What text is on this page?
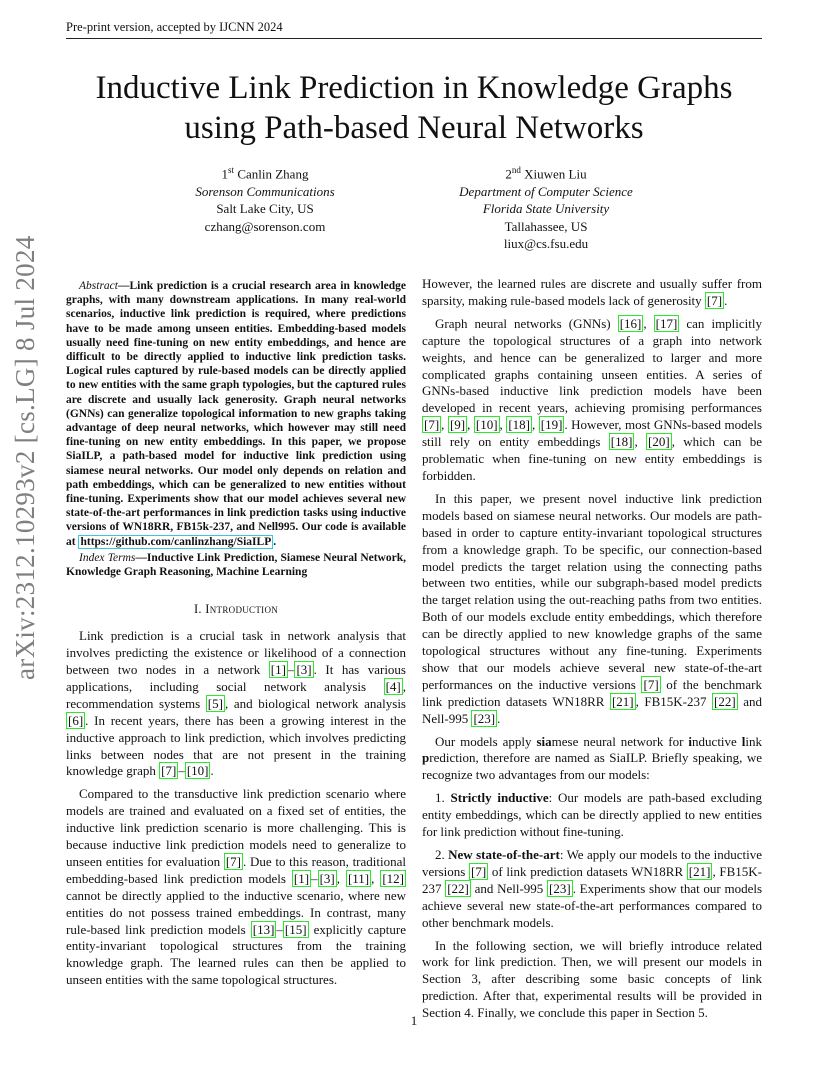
Pre-print version, accepted by IJCNN 2024
arXiv:2312.10293v2 [cs.LG] 8 Jul 2024
Inductive Link Prediction in Knowledge Graphs
using Path-based Neural Networks
1st Canlin Zhang
Sorenson Communications
Salt Lake City, US
czhang@sorenson.com
2nd Xiuwen Liu
Department of Computer Science
Florida State University
Tallahassee, US
liux@cs.fsu.edu

Abstract—Link prediction is a crucial research area in knowledge graphs, with many downstream applications. In many real-world scenarios, inductive link prediction is required, where predictions have to be made among unseen entities. Embedding-based models usually need fine-tuning on new entity embeddings, and hence are difficult to be directly applied to inductive link prediction tasks. Logical rules captured by rule-based models can be directly applied to new entities with the same graph typologies, but the captured rules are discrete and usually lack generosity. Graph neural networks (GNNs) can generalize topological information to new graphs taking advantage of deep neural networks, which however may still need fine-tuning on new entity embeddings. In this paper, we propose SiaILP, a path-based model for inductive link prediction using siamese neural networks. Our model only depends on relation and path embeddings, which can be generalized to new entities without fine-tuning. Experiments show that our model achieves several new state-of-the-art performances in link prediction tasks using inductive versions of WN18RR, FB15k-237, and Nell995. Our code is available at https://github.com/canlinzhang/SiaILP .

Index Terms—Inductive Link Prediction, Siamese Neural Network, Knowledge Graph Reasoning, Machine Learning

I. Introduction

Link prediction is a crucial task in network analysis that involves predicting the existence or likelihood of a connection between two nodes in a network [1] – [3] . It has various applications, including social network analysis [4] , recommendation systems [5] , and biological network analysis [6] . In recent years, there has been a growing interest in the inductive approach to link prediction, which involves predicting links between nodes that are not present in the training knowledge graph [7] – [10] .

Compared to the transductive link prediction scenario where models are trained and evaluated on a fixed set of entities, the inductive link prediction scenario is more challenging. This is because inductive link prediction models need to generalize to unseen entities for evaluation [7] . Due to this reason, traditional embedding-based link prediction models [1] – [3] , [11] , [12] cannot be directly applied to the inductive scenario, where new entities do not possess trained embeddings. In contrast, many rule-based link prediction models [13] – [15] explicitly capture entity-invariant topological structures from the training knowledge graph. The learned rules can then be applied to unseen entities with the same topological structures.

However, the learned rules are discrete and usually suffer from sparsity, making rule-based models lack of generosity [7] .

Graph neural networks (GNNs) [16] , [17] can implicitly capture the topological structures of a graph into network weights, and hence can be generalized to larger and more complicated graphs containing unseen entities. A series of GNNs-based inductive link prediction models have been developed in recent years, achieving promising performances [7] , [9] , [10] , [18] , [19] . However, most GNNs-based models still rely on entity embeddings [18] , [20] , which can be problematic when fine-tuning on new entity embeddings is forbidden.

In this paper, we present novel inductive link prediction models based on siamese neural networks. Our models are path-based in order to capture entity-invariant topological structures from a knowledge graph. To be specific, our connection-based model predicts the target relation using the connecting paths between two entities, while our subgraph-based model predicts the target relation using the out-reaching paths from two entities. Both of our models exclude entity embeddings, which therefore can be directly applied to new knowledge graphs of the same topological structures without any fine-tuning. Experiments show that our models achieve several new state-of-the-art performances on the inductive versions [7] of the benchmark link prediction datasets WN18RR [21] , FB15K-237 [22] and Nell-995 [23] .

Our models apply siamese neural network for inductive link prediction, therefore are named as SiaILP. Briefly speaking, we recognize two advantages from our models:

1. Strictly inductive: Our models are path-based excluding entity embeddings, which can be directly applied to new entities for link prediction without fine-tuning.

2. New state-of-the-art: We apply our models to the inductive versions [7] of link prediction datasets WN18RR [21] , FB15K-237 [22] and Nell-995 [23] . Experiments show that our models achieve several new state-of-the-art performances compared to other benchmark models.

In the following section, we will briefly introduce related work for link prediction. Then, we will present our models in Section 3, after describing some basic concepts of link prediction. After that, experimental results will be provided in Section 4. Finally, we conclude this paper in Section 5.

1
